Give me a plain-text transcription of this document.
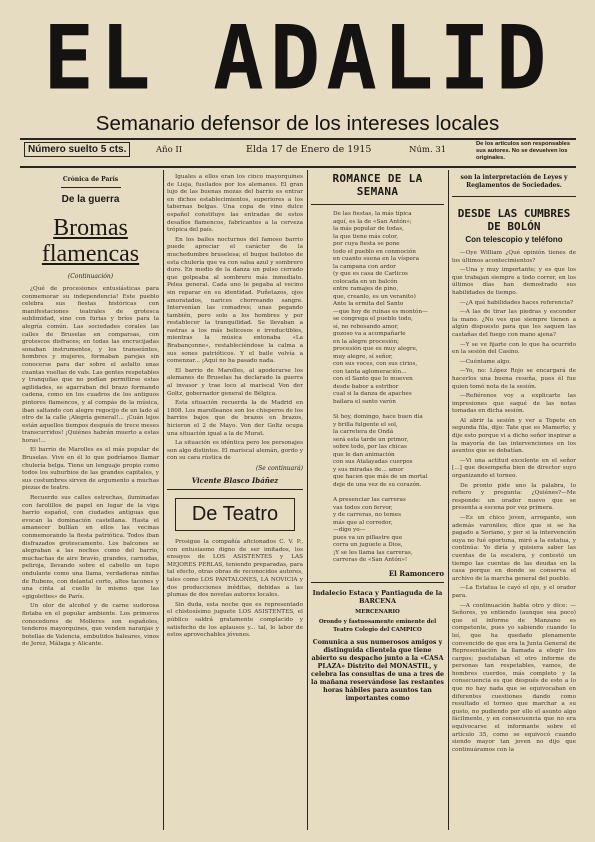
EL ADALID
Semanario defensor de los intereses locales
Número suelto 5 cts.	Año II	Elda 17 de Enero de 1915	Núm. 31
De los artículos son responsables sus autores. No se devuelven los originales.
Crónica de París
De la guerra
Bromas flamencas
(Continuación)

¿Qué de procesiones entusiásticas para conmemorar su independencia! Este pueblo celebra sus fiestas históricas con manifestaciones teatrales de grotesca sublimidad, sino con furias y bríos para la alegría común. Las sociedades corales las calles de Bruselas en comparsas, con grotescos disfraces; en todas las encrucijadas sonaban instrumentos, y los transeúntes, hombres y mujeres, formaban parejas sin conocerse para dar sobre el asfalto unas cuantas vueltas de vals. Las gentes respetables y tranquilas que no podían permitirse estas agilidades, se agarraban del brazo formando cadena, como en los cuadros de los antiguos pintores flamencos, y al compás de la música, iban saltando con alegre regocijo de un lado al otro de la calle ¡Alegría general!... ¡Cuán lejos están aquellos tiempos después de trece meses transcurridos! ¡Quiénes habrán muerto a estas horas!...

El barrio de Marolles es el más popular de Bruselas. Vive en él lo que podríamos llamar chulería belga. Tiene un lenguaje propio como todos los suburbios de las grandes capitales, y sus costumbres sirven de argumento a muchas piezas de teatro.

Recuerdo sus calles estrechas, iluminadas con farolillos de papel en lugar de la viga barrio español, con ciudades antiguas que evocan la dominación castellana. Hasta el amanecer bullían en ellos las vecinas conmemorando la fiesta patriótica. Todos iban disfrazados grotescamente. Los balcones se alegraban a las noches como del barrio, muchachas de aire bravío, grandes, carnudas, peliroja, llevando sobre el cabello un tupo ondulante como una llama, verdaderas ninfas de Rubens, con delantal corto, altos tacones y una cinta al cuello lo mismo que las «gigolettes» de París.

Un olor de alcohol y de carne sudorosa flotaba en el popular ambiente. Los primeros conocedores de Molleres son españoles, tenderos mayorquines, que venden naranjas y botellas de Valencia, embutidos baleares, vinos de Jerez, Málaga y Alicante.

Iguales a ellos eran los cinco mayorquines de Lieja, fusilados por los alemanes. El gran lujo de las buenas mozas del barrio es entrar en dichos establecimientos, superiores a los tabernas belgas. Una copa de vino dulce español constituye las entradas de estos desafíos flamencos, fabricantes a la cerveza trópica del país.

En los bailes nocturnos del famoso barrio puede apreciar el carácter de la muchedumbre bruselesa; el buque bailoteo de esta chulería que va con salsa azul y sombrero duro. En medio de la danza un pulso cerrado que golpeaba al sombrero más inmediato. Pelea general. Cada uno le pegaba al vecino sin reparar en su identidad. Puñetazos, ojos amoratados, narices chorreando sangre. Intervenían las comadres; unas pegando también, pero solo a los hombres y por restablecer la tranquilidad. Se llevaban a rastras a los más belicosos e irreductibles, mientras la música entonaba «La Brabançonne», restableciéndose la calma a sus sones patrióticos. Y el baile volvía a comenzar... ¡Aquí no ha pasado nada.

El barrio de Marolles, al apoderarse los alemanes de Bruselas ha declarado la guerra al invasor y trae loco al mariscal Von der Goltz, gobernador general de Bélgica.

Esta situación recuerda la de Madrid en 1808. Los marolleanos son los chisperos de los barrios bajos que de brazos en brazos, hicieron el 2 de Mayo. Von der Goltz ocupa una situación igual a la de Murat.

La situación es idéntica pero los personajes son algo distintos. El mariscal alemán, gordo y con su cara rústica de

(Se continuará)
Vicente Blasco Ibáñez
De Teatro

Prosigue la compañía aficionados C. V. P., con entusiasmo digno de ser imitados, los ensayos de LOS ASISTENTES y LAS MEJORES PERLAS, teniendo preparadas, para tal efecto, otras obras de reconocidos autores, tales como LOS PANTALONES, LA NOVICIA y dos producciones inéditas, debidas a las plumas de dos novelas autores locales.

Sin duda, esta noche que es representado el chistosísimo juguete LOS ASISTENTES, el público saldrá gratamente complacido y satisfecho de los aplausos y... tal, lo labor de estos aprovechables jóvenes.

ROMANCE DE LA SEMANA
De las fiestas, la más típica
aquí, es la de «San Antón»;
la más popular de todas,
la que tiene más color,
por cuya fiesta se pone
todo el pueblo en conmoción
en cuanto suena en la víspera
la campana con ardor
(y que es casa de Carlicos
colocada en un balcón
entre ramajes de pino,
que, creanlo, es un veranito)
Ante la ermita del Santo
—que hoy de ruinas es montón—
se congrega el pueblo todo,
sí, no rebosando amor,
gozoso va a acompañarle
en la alegre procesión;
procesión que es muy alegre,
muy alegre, sí señor,
con sus voces, con sus cirios,
con tanta aglomeración...
con el Santo que lo mueven
desde babor a estribor
cual si la danza de apaches
bailara el santo varón
Si hoy, domingo, hace buen día
y brilla fulgente el sol,
la carretera de Ondá
será esta tarde un primor,
sobre todo, por las chicas
que le dan animación
con sus Atalayadas cuerpos
y sus miradas de... amor
que hacen que más de un mortal
deje de una vez de su corazón.
A presenciar las carreras
vas todos con fervor,
y de carreras, no temes
más que al corredor,
—digo yo—
pues va un pillastre que
corra un juguete a Dios,
¡Y se les llama las carreras,
carreras de «San Antón»!
El Ramoncero
Indalecio Estaca y Pantiaguda de la BARCENA
MERCENARIO
Orondo y fastuosamente eminente del Teatro Colegio del CAMPICO
Comunica a sus numerosos amigos y distinguida clientela que tiene abierto su despacho junto a la «CASA PLAZA» Distrito del MONASTIL, y celebra las consultas de una a tres de la mañana reservándose las restantes horas hábiles para asuntos tan importantes como
son la interpretación de Leyes y Reglamentos de Sociedades.
DESDE LAS CUMBRES DE BOLÓN
Con telescopio y teléfono

—Oye William ¿Qué opinión tienes de los últimos acontecimientos?

—Una y muy importante; y es que los que trabajan siempre a todo correr, en los últimos días han demostrado sus habilidades de tiempo.

—¿A qué habilidades haces referencia?

—A las de tirar las piedras y esconder la mano. ¿No ves que siempre tienen a algún dispuesto para que les saquen las castañas del fuego con mano ajena?

—Y se ve fijarte con lo que ha ocurrido en la sesión del Casino.

—Cuéntame algo.

—Yo, no: López Rojo se encargará de hacerlos una buena reseña, pues él fue quien tomó nota de la sesión.

—Refiérenos voy a explicarte las impresiones que saqué de las notas tomadas en dicha sesión.

Al abrir la sesión y ver a Topete en segunda fila, dijo: Tate que es Mamerto; y dije esto porque vi a dicho señor inspirar a la mayoría de las intervenciones en los asuntos que se debatían.

—Vi una actitud excelente en el señor [...] que desempeña bien de director suyo organizando el torneo.

De pronto pide uno la palabra, lo refiero y pregunta: ¿Quiénes?—Me responde: un orador nuevo que se presenta a escena por vez primera.

—Es un chico joven, arrogante, son además varoniles; dice que si se ha pagado a Soriano, y por si la intervención suya no fué oportuna, miró a la estatua, y continúa: Yo diría y quisiera saber las cuentas de la escalera, y contestó un tiempo las cuentas de las deudas en la casa porque en donde se conserva el archivo de la marcha general del pueblo.

—La Estatua le cayó el ojo, y el orador para.

—A continuación habla otro y dice: —Señores, yo entiendo (aunque sea poco) que el informe de Manzano es competente, pues yo sabiendo cuando lo leí, que ha quedado plenamente convencido de que era la Junta General de Representación la llamada a elegir los cargos; postulaban el otro informe de personas tan respetables, vamos, de hombres cuerdos, más completo y la consecuencia es que después de esto a lo que no hay nada que se equivocaban en diferentes cuestiones dando como resultado el torneo que marchar a su gusto, no pudiendo por ello el asunto algo fácilmente, y en consecuencia que no era equivocarse el informante sobre el artículo 35, como se equivocó cuando siendo mayor tan joven no dijo que continuáramos con la
